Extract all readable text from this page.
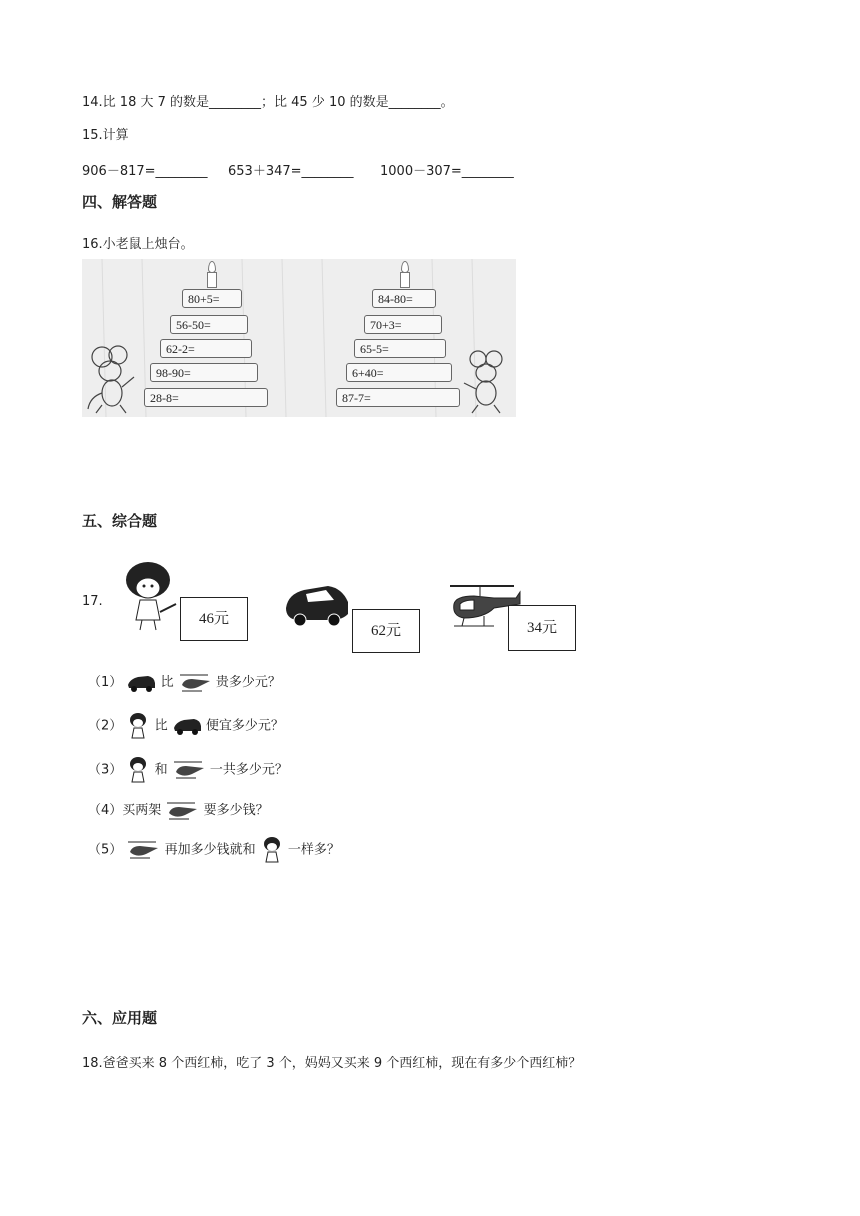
14.比 18 大 7 的数是________；比 45 少 10 的数是________。
15.计算
906－817=________ 653＋347=________ 1000－307=________
四、解答题
16.小老鼠上烛台。
80+5=
56-50=
62-2=
98-90=
28-8=
84-80=
70+3=
65-5=
6+40=
87-7=
五、综合题
17.
46元
62元	34元
（1）	比	贵多少元？
（2） 比	便宜多少元？
（3） 和	一共多少元？
（4）买两架	要多少钱？
（5）	再加多少钱就和 一样多？
六、应用题
18.爸爸买来 8 个西红柿，吃了 3 个，妈妈又买来 9 个西红柿，现在有多少个西红柿？
